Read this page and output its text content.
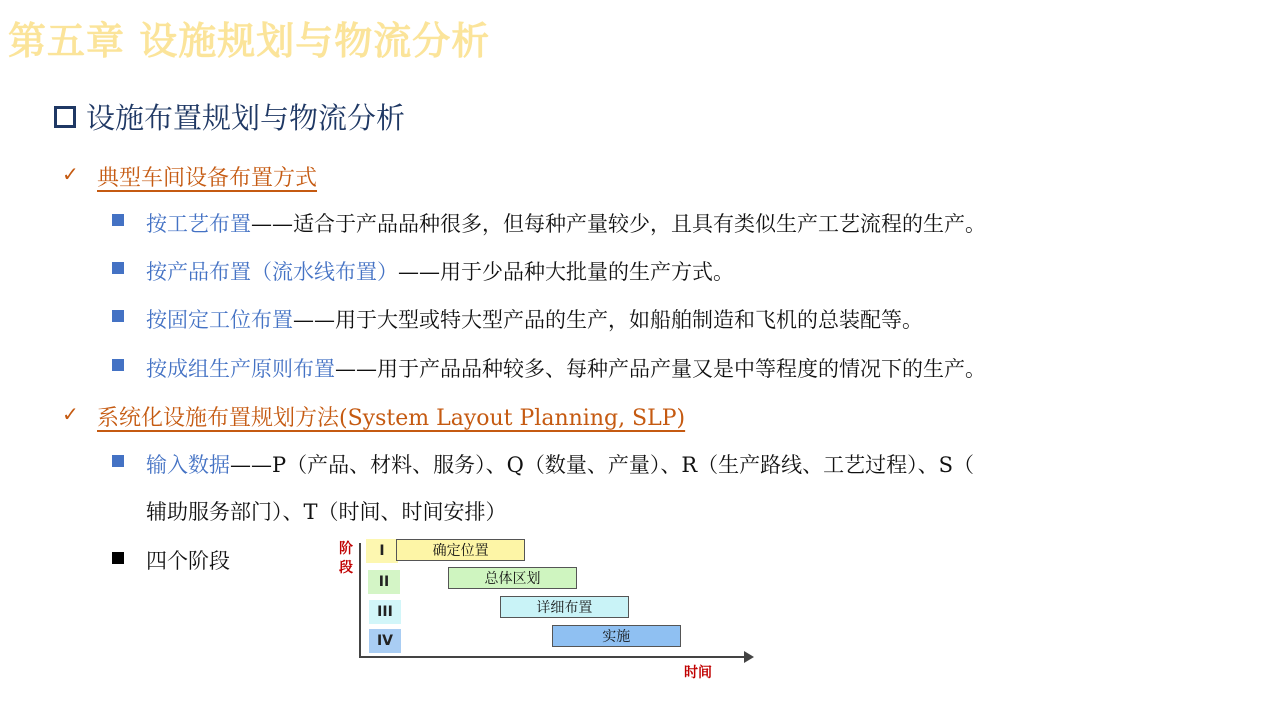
第五章 设施规划与物流分析
设施布置规划与物流分析
✓ 典型车间设备布置方式
按工艺布置——适合于产品品种很多，但每种产量较少，且具有类似生产工艺流程的生产。
按产品布置（流水线布置）——用于少品种大批量的生产方式。
按固定工位布置——用于大型或特大型产品的生产，如船舶制造和飞机的总装配等。
按成组生产原则布置——用于产品品种较多、每种产品产量又是中等程度的情况下的生产。
✓ 系统化设施布置规划方法(System Layout Planning, SLP)
输入数据——P（产品、材料、服务）、Q（数量、产量）、R（生产路线、工艺过程）、S（
辅助服务部门）、T（时间、时间安排）
四个阶段	阶
段
I
II
III
IV
确定位置
总体区划
详细布置
实施
时间
